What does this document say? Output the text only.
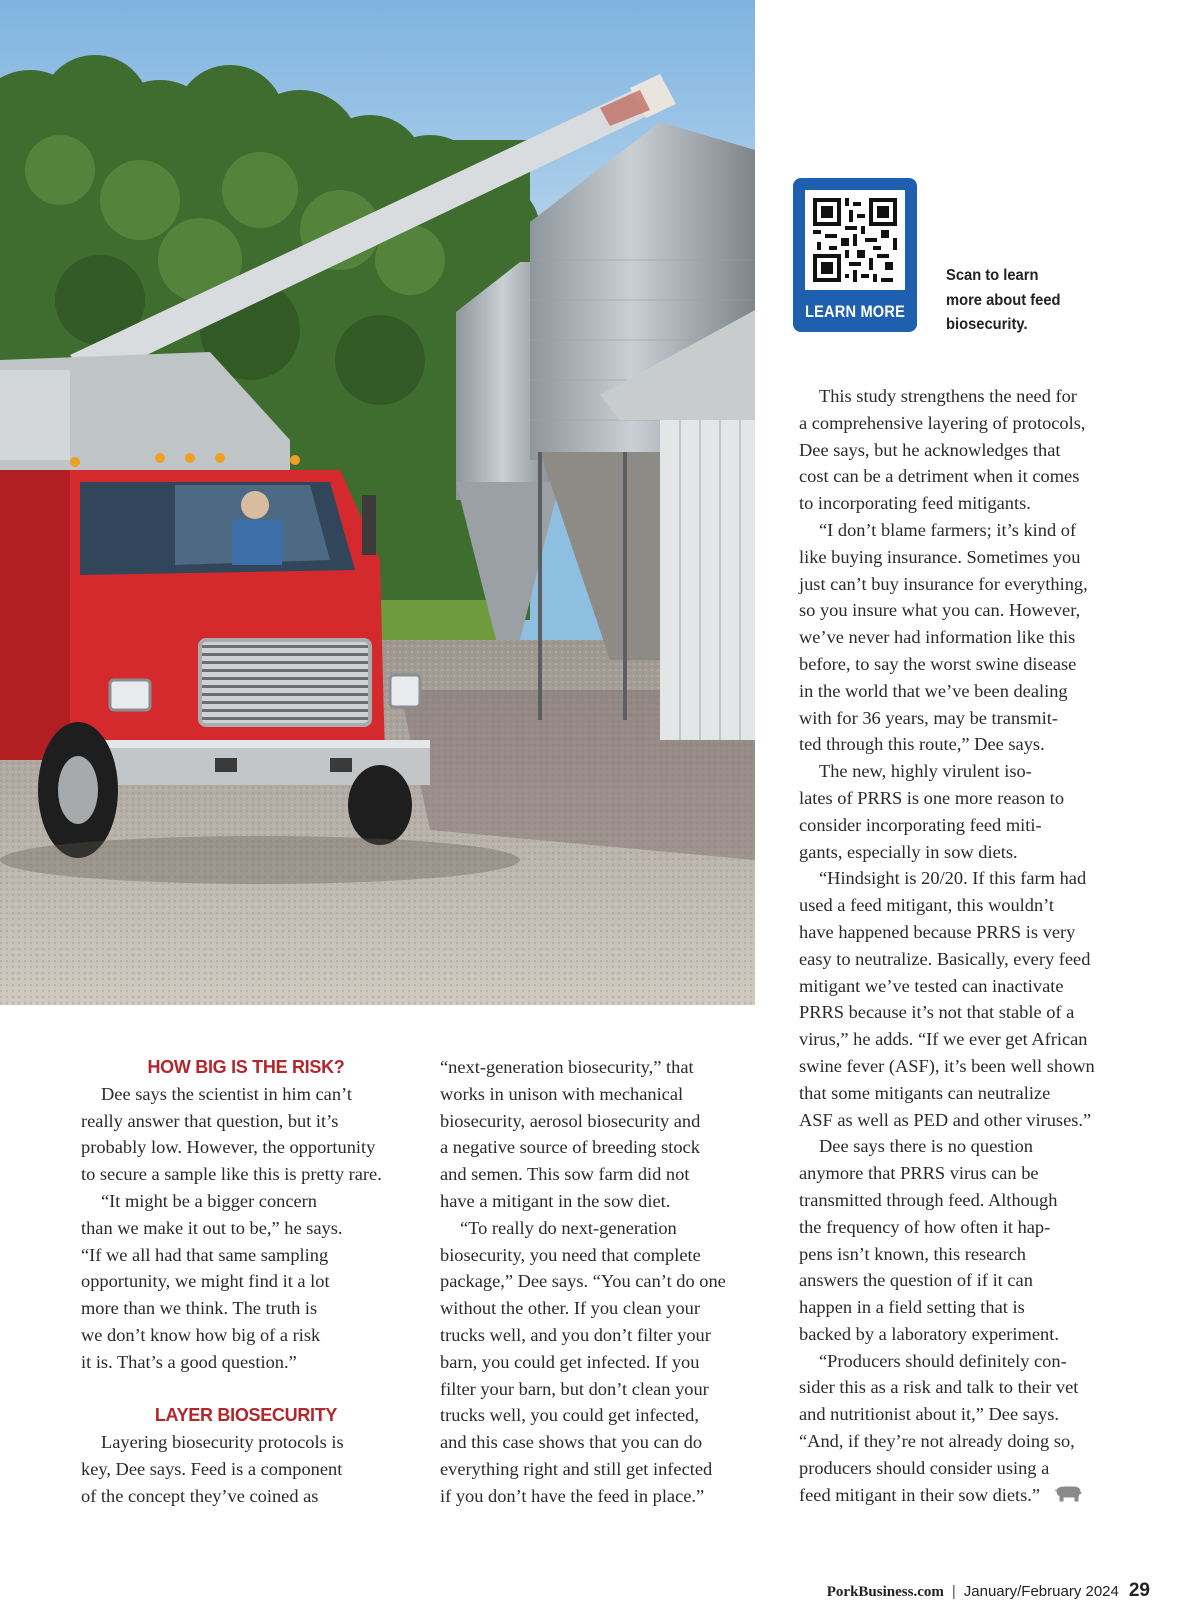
LEARN MORE
Scan to learn
more about feed
biosecurity.
HOW BIG IS THE RISK?
Dee says the scientist in him can’t
really answer that question, but it’s
probably low. However, the opportunity
to secure a sample like this is pretty rare.
“It might be a bigger concern
than we make it out to be,” he says.
“If we all had that same sampling
opportunity, we might find it a lot
more than we think. The truth is
we don’t know how big of a risk
it is. That’s a good question.”
LAYER BIOSECURITY
Layering biosecurity protocols is
key, Dee says. Feed is a component
of the concept they’ve coined as
“next-generation biosecurity,” that
works in unison with mechanical
biosecurity, aerosol biosecurity and
a negative source of breeding stock
and semen. This sow farm did not
have a mitigant in the sow diet.
“To really do next-generation
biosecurity, you need that complete
package,” Dee says. “You can’t do one
without the other. If you clean your
trucks well, and you don’t filter your
barn, you could get infected. If you
filter your barn, but don’t clean your
trucks well, you could get infected,
and this case shows that you can do
everything right and still get infected
if you don’t have the feed in place.”
This study strengthens the need for
a comprehensive layering of protocols,
Dee says, but he acknowledges that
cost can be a detriment when it comes
to incorporating feed mitigants.
“I don’t blame farmers; it’s kind of
like buying insurance. Sometimes you
just can’t buy insurance for everything,
so you insure what you can. However,
we’ve never had information like this
before, to say the worst swine disease
in the world that we’ve been dealing
with for 36 years, may be transmit-
ted through this route,” Dee says.
The new, highly virulent iso-
lates of PRRS is one more reason to
consider incorporating feed miti-
gants, especially in sow diets.
“Hindsight is 20/20. If this farm had
used a feed mitigant, this wouldn’t
have happened because PRRS is very
easy to neutralize. Basically, every feed
mitigant we’ve tested can inactivate
PRRS because it’s not that stable of a
virus,” he adds. “If we ever get African
swine fever (ASF), it’s been well shown
that some mitigants can neutralize
ASF as well as PED and other viruses.”
Dee says there is no question
anymore that PRRS virus can be
transmitted through feed. Although
the frequency of how often it hap-
pens isn’t known, this research
answers the question of if it can
happen in a field setting that is
backed by a laboratory experiment.
“Producers should definitely con-
sider this as a risk and talk to their vet
and nutritionist about it,” Dee says.
“And, if they’re not already doing so,
producers should consider using a
feed mitigant in their sow diets.”
PorkBusiness.com | January/February 2024 29
